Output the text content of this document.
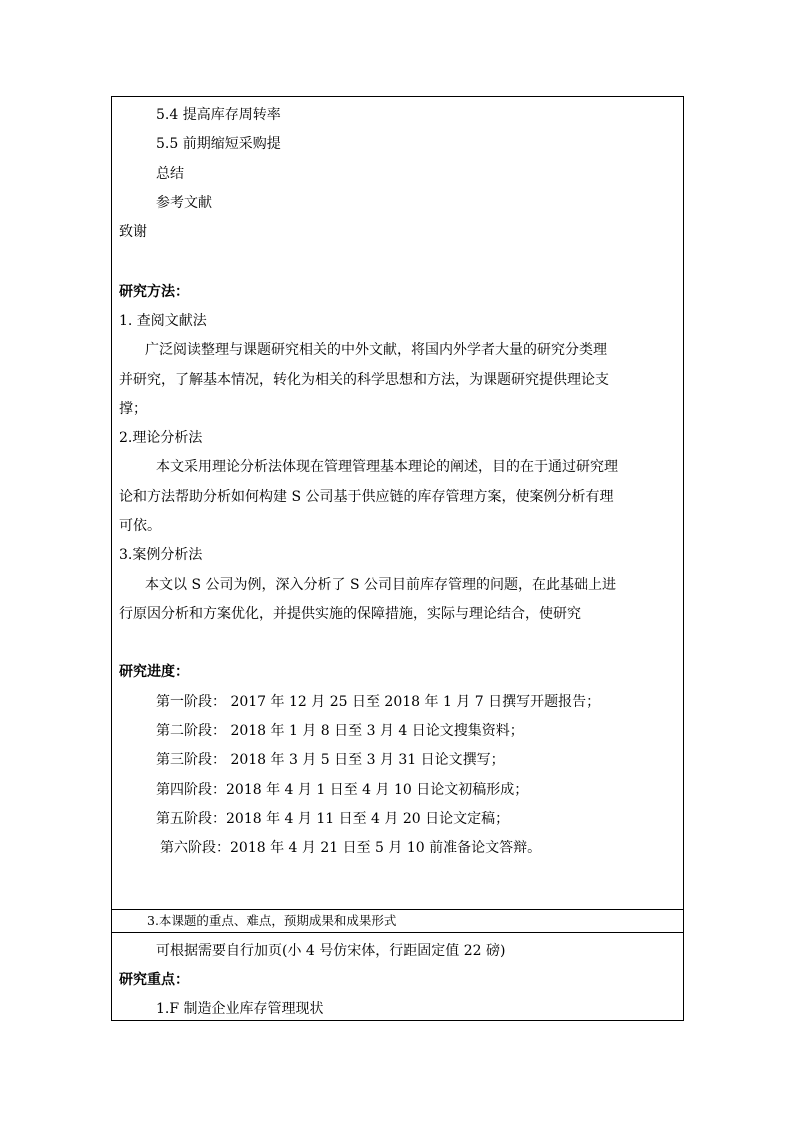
5.4 提高库存周转率
5.5 前期缩短采购提
总结
参考文献
致谢
研究方法：
1. 查阅文献法
广泛阅读整理与课题研究相关的中外文献，将国内外学者大量的研究分类理
并研究，了解基本情况，转化为相关的科学思想和方法，为课题研究提供理论支
撑；
2.理论分析法
本文采用理论分析法体现在管理管理基本理论的阐述，目的在于通过研究理
论和方法帮助分析如何构建 S 公司基于供应链的库存管理方案，使案例分析有理
可依。
3.案例分析法
本文以 S 公司为例，深入分析了 S 公司目前库存管理的问题，在此基础上进
行原因分析和方案优化，并提供实施的保障措施，实际与理论结合，使研究
研究进度：
第一阶段： 2017 年 12 月 25 日至 2018 年 1 月 7 日撰写开题报告；
第二阶段： 2018 年 1 月 8 日至 3 月 4 日论文搜集资料；
第三阶段： 2018 年 3 月 5 日至 3 月 31 日论文撰写；
第四阶段：2018 年 4 月 1 日至 4 月 10 日论文初稿形成；
第五阶段：2018 年 4 月 11 日至 4 月 20 日论文定稿；
第六阶段：2018 年 4 月 21 日至 5 月 10 前准备论文答辩。
3.本课题的重点、难点，预期成果和成果形式
可根据需要自行加页(小 4 号仿宋体，行距固定值 22 磅)
研究重点：
1.F 制造企业库存管理现状
